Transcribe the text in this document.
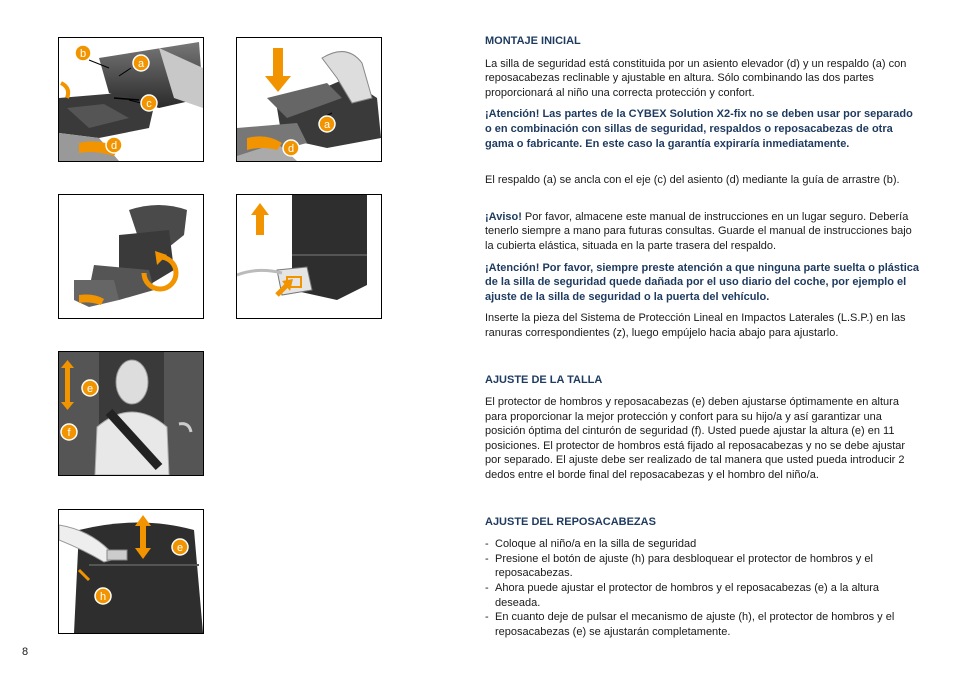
b
a
c
d
a
d
e
f
e
h

MONTAJE INICIAL

La silla de seguridad está constituida por un asiento elevador (d) y un respaldo (a) con reposacabezas reclinable y ajustable en altura. Sólo combinando las dos partes proporcionará al niño una correcta protección y confort.

¡Atención! Las partes de la CYBEX Solution X2-fix no se deben usar por separado o en combinación con sillas de seguridad, respaldos o reposacabezas de otra gama o fabricante. En este caso la garantía expiraría inmediatamente.

El respaldo (a) se ancla con el eje (c) del asiento (d) mediante la guía de arrastre (b).

¡Aviso! Por favor, almacene este manual de instrucciones en un lugar seguro. Debería tenerlo siempre a mano para futuras consultas. Guarde el manual de instrucciones bajo la cubierta elástica, situada en la parte trasera del respaldo.

¡Atención! Por favor, siempre preste atención a que ninguna parte suelta o plástica de la silla de seguridad quede dañada por el uso diario del coche, por ejemplo el ajuste de la silla de seguridad o la puerta del vehículo.

Inserte la pieza del Sistema de Protección Lineal en Impactos Laterales (L.S.P.) en las ranuras correspondientes (z), luego empújelo hacia abajo para ajustarlo.

AJUSTE DE LA TALLA

El protector de hombros y reposacabezas (e) deben ajustarse óptimamente en altura para proporcionar la mejor protección y confort para su hijo/a y así garantizar una posición óptima del cinturón de seguridad (f). Usted puede ajustar la altura (e) en 11 posiciones. El protector de hombros está fijado al reposacabezas y no se debe ajustar por separado. El ajuste debe ser realizado de tal manera que usted pueda introducir 2 dedos entre el borde final del reposacabezas y el hombro del niño/a.

AJUSTE DEL REPOSACABEZAS

- Coloque al niño/a en la silla de seguridad
- Presione el botón de ajuste (h) para desbloquear el protector de hombros y el reposacabezas.
- Ahora puede ajustar el protector de hombros y el reposacabezas (e) a la altura deseada.
- En cuanto deje de pulsar el mecanismo de ajuste (h), el protector de hombros y el reposacabezas (e) se ajustarán completamente.
8
